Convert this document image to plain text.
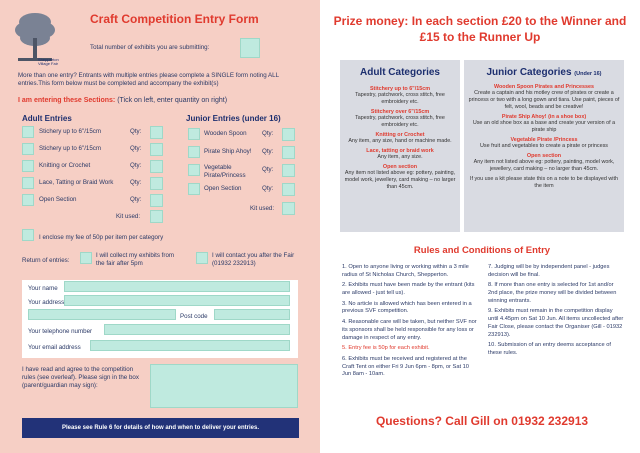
Shepperton
Village Fair
Craft Competition Entry Form
Total number of exhibits you are submitting:
More than one entry? Entrants with multiple entries please complete a SINGLE form noting ALL entries.This form below must be completed and accompany the exhibit(s)
I am entering these Sections: (Tick on left, enter quantity on right)
Adult Entries
Stichery up to 6"/15cm	Qty:
Stichery up to 6"/15cm	Qty:
Knitting or Crochet	Qty:
Lace, Tatting or Braid Work	Qty:
Open Section	Qty:
Kit used:
Junior Entries (under 16)
Wooden Spoon Qty:
Pirate Ship Ahoy! Qty:
Vegetable Pirate/Princess
Qty:
Open Section	Qty:
Kit used:
I enclose my fee of 50p per item per category
Return of entries:
I will collect my exhibits from the fair after 5pm
I will contact you after the Fair (01932 232913)
Your name
Your address
Post code
Your telephone number
Your email address
I have read and agree to the competition rules (see overleaf). Please sign in the box (parent/guardian may sign):
Please see Rule 6 for details of how and when to deliver your entries.
Prize money: In each section £20 to the Winner and £15 to the Runner Up
Adult Categories
Stitchery up to 6"/15cm
Tapestry, patchwork, cross stitch, free embroidery etc.
Stitchery over 6"/15cm
Tapestry, patchwork, cross stitch, free embroidery etc.
Knitting or Crochet
Any item, any size, hand or machine made.
Lace, tatting or braid work
Any item, any size.
Open section
Any item not listed above eg: pottery, painting, model work, jewellery, card making – no larger than 45cm.
Junior Categories (Under 16)
Wooden Spoon Pirates and Princesses
Create a captain and his motley crew of pirates or create a princess or two with a long gown and tiara. Use paint, pieces of felt, wool, beads and be creative!
Pirate Ship Ahoy! (in a shoe box)
Use an old shoe box as a base and create your version of a pirate ship
Vegetable Pirate /Princess
Use fruit and vegetables to create a pirate or princess
Open section
Any item not listed above eg: pottery, painting, model work, jewellery, card making – no larger than 45cm.
If you use a kit please state this on a note to be displayed with the item
Rules and Conditions of Entry

1. Open to anyone living or working within a 3 mile radius of St Nicholas Church, Shepperton.

2. Exhibits must have been made by the entrant (kits are allowed - just tell us).

3. No article is allowed which has been entered in a previous SVF competition.

4. Reasonable care will be taken, but neither SVF nor its sponsors shall be held responsible for any loss or damage in respect of any entry.

5. Entry fee is 50p for each exhibit.

6. Exhibits must be received and registered at the Craft Tent on either Fri 9 Jun 6pm - 8pm, or Sat 10 Jun 8am - 10am.

7. Judging will be by independent panel - judges decision will be final.

8. If more than one entry is selected for 1st and/or 2nd place, the prize money will be divided between winning entrants.

9. Exhibits must remain in the competition display until 4.45pm on Sat 10 Jun. All items uncollected after Fair Close, please contact the Organiser (Gill - 01932 232913).

10. Submission of an entry deems acceptance of these rules.

Questions? Call Gill on 01932 232913
